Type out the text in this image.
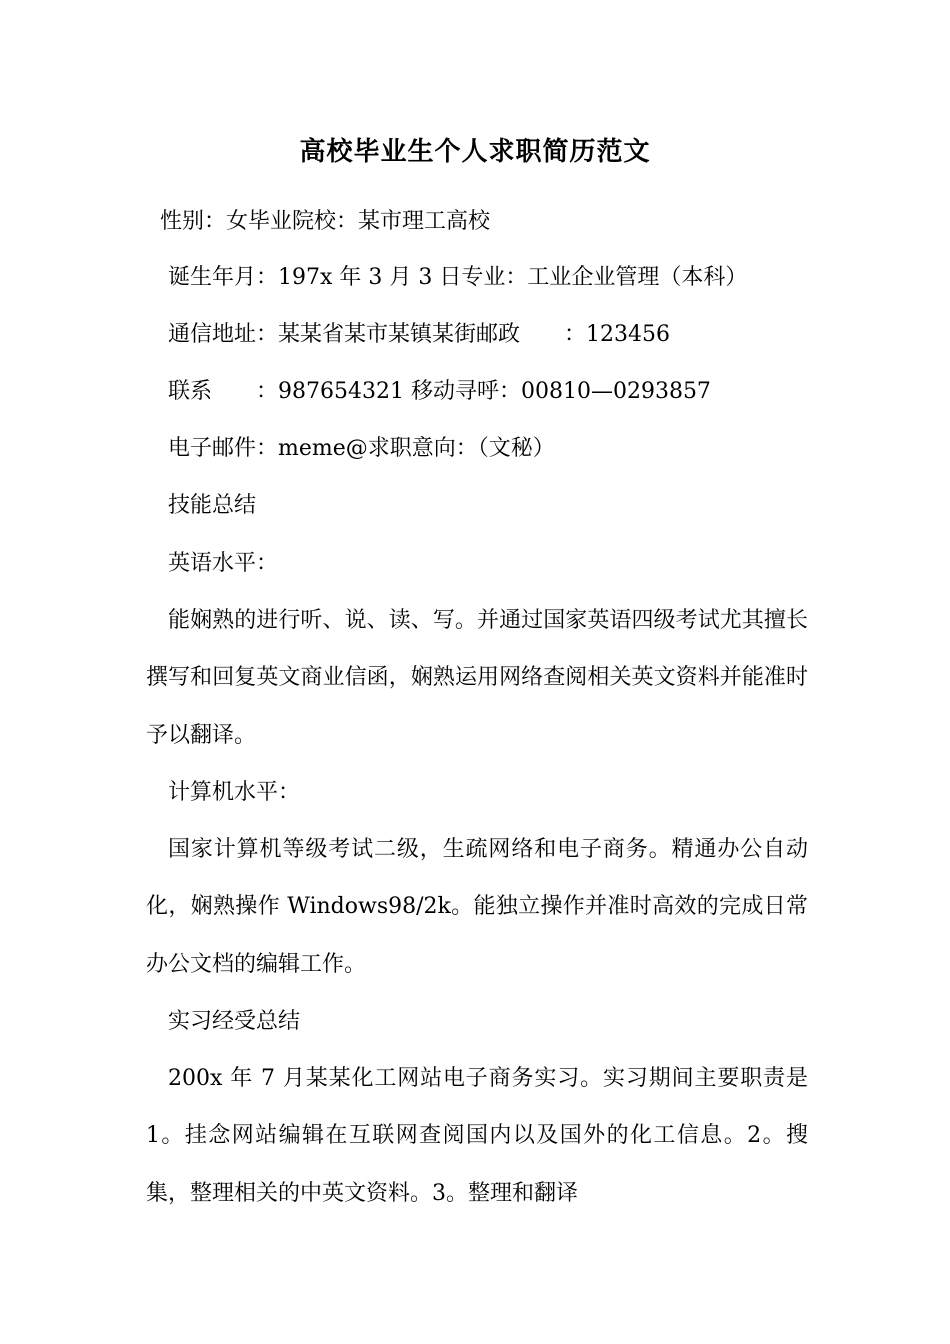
高校毕业生个人求职简历范文
性别：女毕业院校：某市理工高校
诞生年月：197x 年 3 月 3 日专业：工业企业管理（本科）
通信地址：某某省某市某镇某街邮政　　：123456
联系　　：987654321 移动寻呼：00810—0293857
电子邮件：meme@求职意向：（文秘）
技能总结
英语水平：

能娴熟的进行听、说、读、写。并通过国家英语四级考试尤其擅长撰写和回复英文商业信函，娴熟运用网络查阅相关英文资料并能准时予以翻译。

计算机水平：

国家计算机等级考试二级，生疏网络和电子商务。精通办公自动化，娴熟操作 Windows98/2k。能独立操作并准时高效的完成日常办公文档的编辑工作。

实习经受总结

200x 年 7 月某某化工网站电子商务实习。实习期间主要职责是 1。挂念网站编辑在互联网查阅国内以及国外的化工信息。2。搜集，整理相关的中英文资料。3。整理和翻译
